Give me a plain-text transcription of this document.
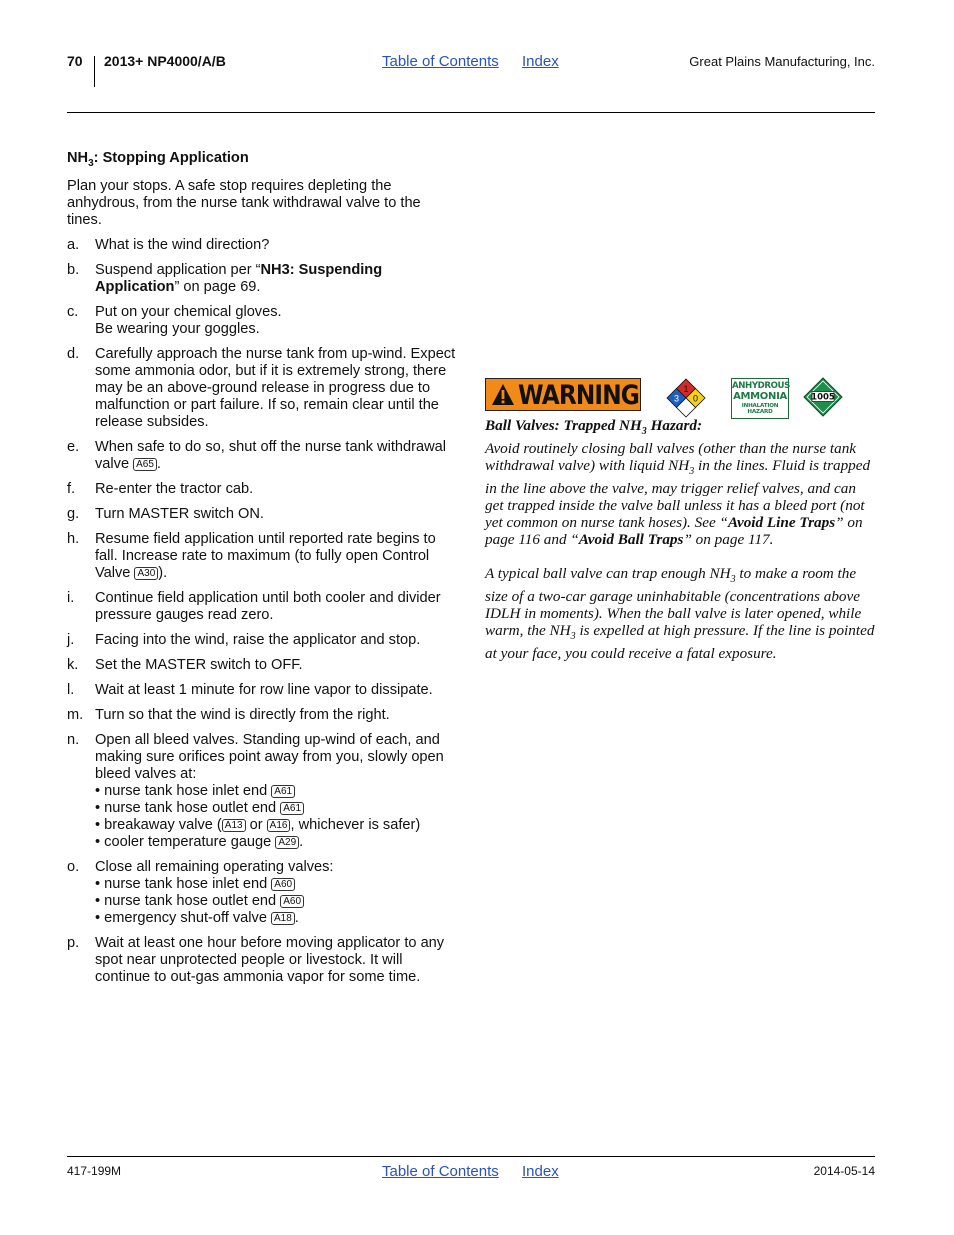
70 2013+ NP4000/A/B	Table of Contents Index	Great Plains Manufacturing, Inc.

$NH_3$: Stopping Application

Plan your stops. A safe stop requires depleting the anhydrous, from the nurse tank withdrawal valve to the tines.

a. What is the wind direction?
b. Suspend application per “NH3: Suspending Application” on page 69.
c. Put on your chemical gloves.
Be wearing your goggles.
d. Carefully approach the nurse tank from up-wind. Expect some ammonia odor, but if it is extremely strong, there may be an above-ground release in progress due to malfunction or part failure. If so, remain clear until the release subsides.
e. When safe to do so, shut off the nurse tank withdrawal valve A65 .
f. Re-enter the tractor cab.
g. Turn MASTER switch ON.
h. Resume field application until reported rate begins to fall. Increase rate to maximum (to fully open Control Valve A30 ).
i. Continue field application until both cooler and divider pressure gauges read zero.
j. Facing into the wind, raise the applicator and stop.
k. Set the MASTER switch to OFF.
l. Wait at least 1 minute for row line vapor to dissipate.
m. Turn so that the wind is directly from the right.
n. Open all bleed valves. Standing up-wind of each, and making sure orifices point away from you, slowly open bleed valves at:
• nurse tank hose inlet end A61
• nurse tank hose outlet end A61
• breakaway valve ( A13 or A16 , whichever is safer)
• cooler temperature gauge A29 .
o. Close all remaining operating valves:
• nurse tank hose inlet end A60
• nurse tank hose outlet end A60
• emergency shut-off valve A18 .
p. Wait at least one hour before moving applicator to any spot near unprotected people or livestock. It will continue to out-gas ammonia vapor for some time.
WARNING	1
3 0
ANHYDROUS
AMMONIA
INHALATION HAZARD
1005

Ball Valves: Trapped $NH_3$ Hazard:

Avoid routinely closing ball valves (other than the nurse tank withdrawal valve) with liquid $NH_3$ in the lines. Fluid is trapped in the line above the valve, may trigger relief valves, and can get trapped inside the valve ball unless it has a bleed port (not yet common on nurse tank hoses). See “Avoid Line Traps” on page 116 and “Avoid Ball Traps” on page 117.

A typical ball valve can trap enough $NH_3$ to make a room the size of a two-car garage uninhabitable (concentrations above IDLH in moments). When the ball valve is later opened, while warm, the $NH_3$ is expelled at high pressure. If the line is pointed at your face, you could receive a fatal exposure.

417-199M	Table of Contents Index	2014-05-14
